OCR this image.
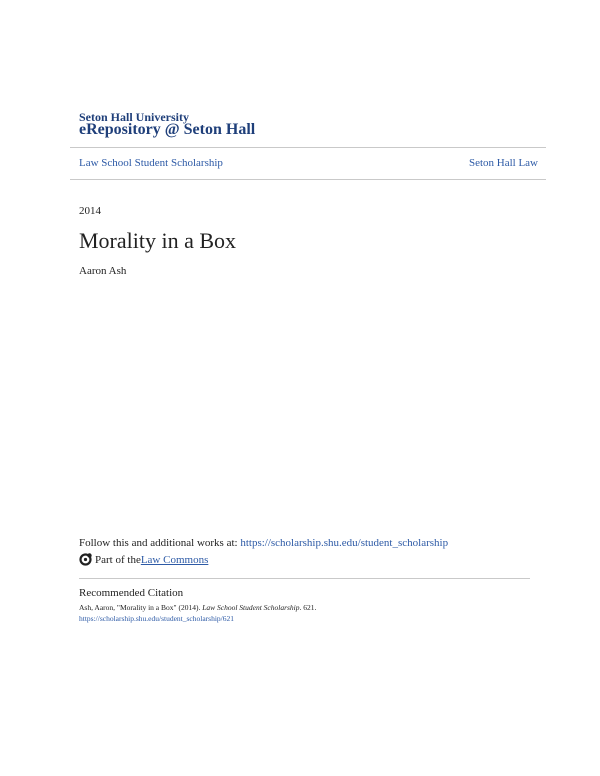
Seton Hall University
eRepository @ Seton Hall
Law School Student Scholarship	Seton Hall Law
2014
Morality in a Box
Aaron Ash
Follow this and additional works at: https://scholarship.shu.edu/student_scholarship
Part of the Law Commons
Recommended Citation
Ash, Aaron, "Morality in a Box" (2014). Law School Student Scholarship. 621.
https://scholarship.shu.edu/student_scholarship/621
